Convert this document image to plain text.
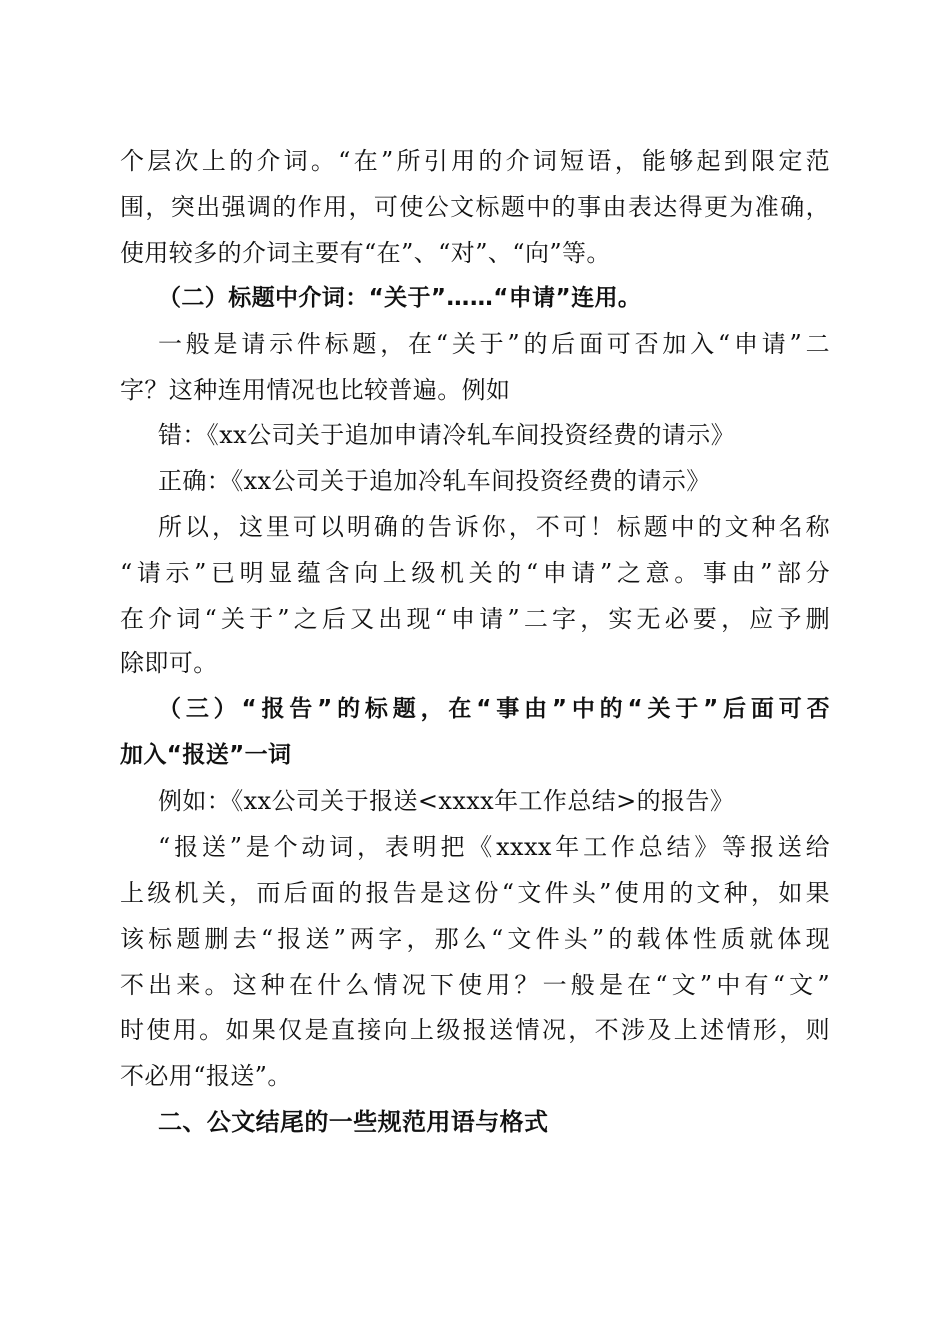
个层次上的介词。“在”所引用的介词短语，能够起到限定范
围，突出强调的作用，可使公文标题中的事由表达得更为准确，
使用较多的介词主要有“在”、“对”、“向”等。
（二）标题中介词：“关于”……“申请”连用。
一般是请示件标题，在“关于”的后面可否加入“申请”二
字？这种连用情况也比较普遍。例如
错：《xx公司关于追加申请冷轧车间投资经费的请示》
正确：《xx公司关于追加冷轧车间投资经费的请示》
所以，这里可以明确的告诉你，不可！标题中的文种名称
“请示”已明显蕴含向上级机关的“申请”之意。事由”部分
在介词“关于”之后又出现“申请”二字，实无必要，应予删
除即可。
（三）“报告”的标题，在“事由”中的“关于”后面可否
加入“报送”一词
例如：《xx公司关于报送<xxxx年工作总结>的报告》
“报送”是个动词，表明把《xxxx年工作总结》等报送给
上级机关，而后面的报告是这份“文件头”使用的文种，如果
该标题删去“报送”两字，那么“文件头”的载体性质就体现
不出来。这种在什么情况下使用？一般是在“文”中有“文”
时使用。如果仅是直接向上级报送情况，不涉及上述情形，则
不必用“报送”。
二、公文结尾的一些规范用语与格式
